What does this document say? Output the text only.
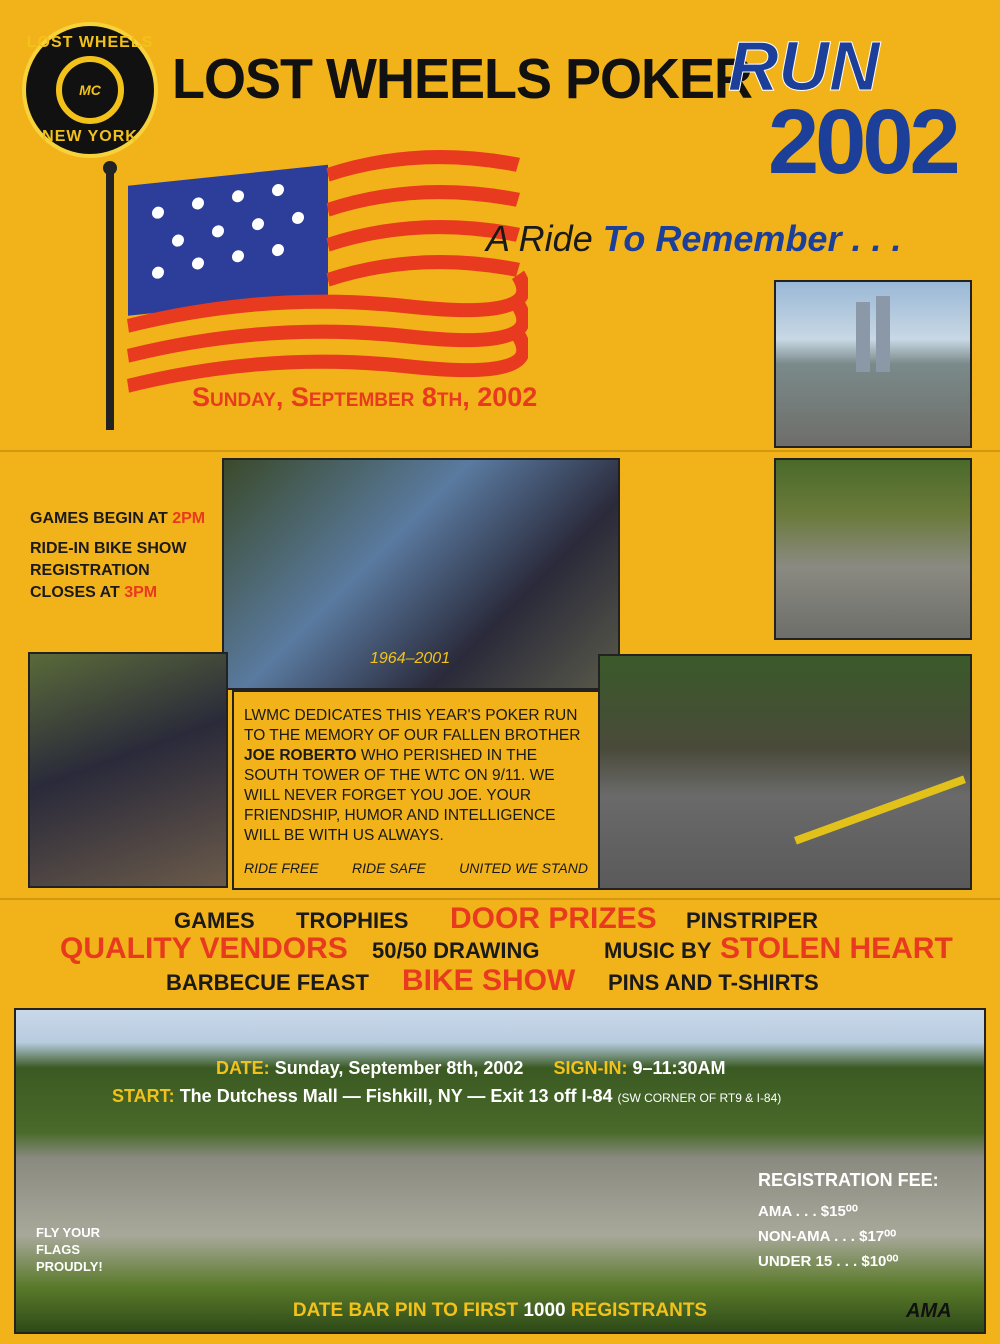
LOST WHEELS
MC
NEW YORK
LOST WHEELS POKER
RUN
2002
A Ride To Remember . . .
Sunday, September 8th, 2002
1964–2001

GAMES BEGIN AT 2PM

RIDE-IN BIKE SHOW
REGISTRATION
CLOSES AT 3PM
LWMC DEDICATES THIS YEAR'S POKER RUN TO THE MEMORY OF OUR FALLEN BROTHER JOE ROBERTO WHO PERISHED IN THE SOUTH TOWER OF THE WTC ON 9/11. WE WILL NEVER FORGET YOU JOE. YOUR FRIENDSHIP, HUMOR AND INTELLIGENCE WILL BE WITH US ALWAYS.
RIDE FREE RIDE SAFE UNITED WE STAND
GAMES TROPHIES DOOR PRIZES PINSTRIPER
QUALITY VENDORS 50/50 DRAWING	MUSIC BY STOLEN HEART
BARBECUE FEAST BIKE SHOW PINS AND T-SHIRTS
DATE: Sunday, September 8th, 2002 SIGN-IN: 9–11:30AM
START: The Dutchess Mall — Fishkill, NY — Exit 13 off I-84 (SW CORNER OF RT9 & I-84)
FLY YOUR
FLAGS
PROUDLY!
REGISTRATION FEE:
AMA . . . $15⁰⁰
NON-AMA . . . $17⁰⁰
UNDER 15 . . . $10⁰⁰
DATE BAR PIN TO FIRST 1000 REGISTRANTS	AMA
